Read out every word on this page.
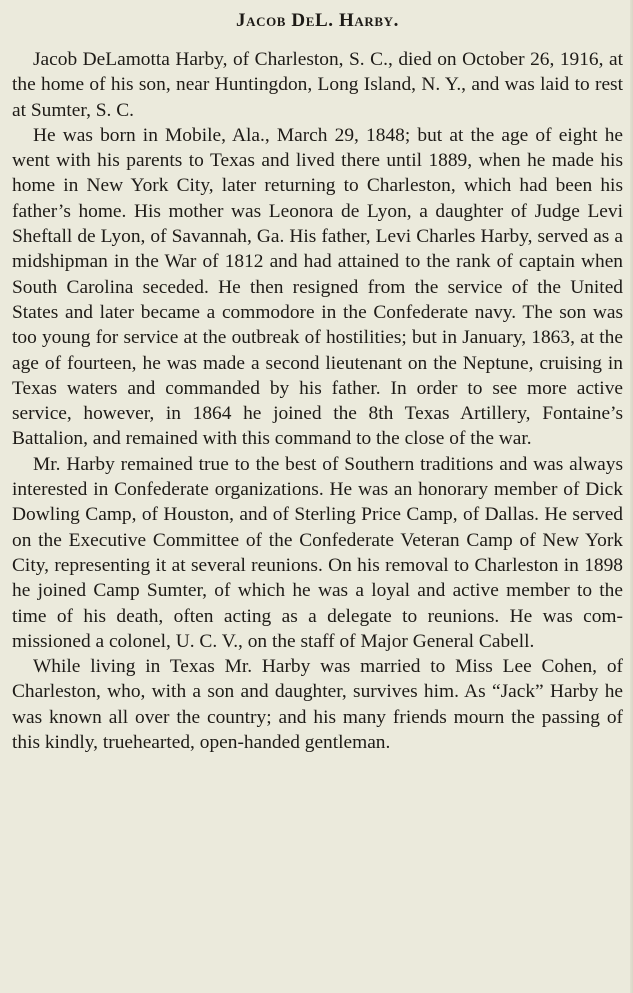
Jacob DeL. Harby.

Jacob DeLamotta Harby, of Charleston, S. C., died on October 26, 1916, at the home of his son, near Huntingdon, Long Island, N. Y., and was laid to rest at Sumter, S. C.

He was born in Mobile, Ala., March 29, 1848; but at the age of eight he went with his parents to Texas and lived there until 1889, when he made his home in New York City, later returning to Charleston, which had been his father’s home. His mother was Leonora de Lyon, a daughter of Judge Levi Sheftall de Lyon, of Savannah, Ga. His father, Levi Charles Harby, served as a midshipman in the War of 1812 and had attained to the rank of captain when South Carolina seceded. He then resigned from the service of the United States and later became a commodore in the Confederate navy. The son was too young for service at the outbreak of hostilities; but in January, 1863, at the age of fourteen, he was made a second lieutenant on the Neptune, cruising in Texas waters and commanded by his father. In order to see more active service, however, in 1864 he joined the 8th Texas Artillery, Fontaine’s Battalion, and remained with this command to the close of the war.

Mr. Harby remained true to the best of Southern traditions and was always interested in Confederate organizations. He was an honorary member of Dick Dowling Camp, of Houston, and of Sterling Price Camp, of Dallas. He served on the Executive Committee of the Confederate Veteran Camp of New York City, representing it at several reunions. On his removal to Charleston in 1898 he joined Camp Sumter, of which he was a loyal and active member to the time of his death, often acting as a delegate to reunions. He was commissioned a colonel, U. C. V., on the staff of Major General Cabell.

While living in Texas Mr. Harby was married to Miss Lee Cohen, of Charleston, who, with a son and daughter, survives him. As “Jack” Harby he was known all over the country; and his many friends mourn the passing of this kindly, truehearted, open-handed gentleman.
